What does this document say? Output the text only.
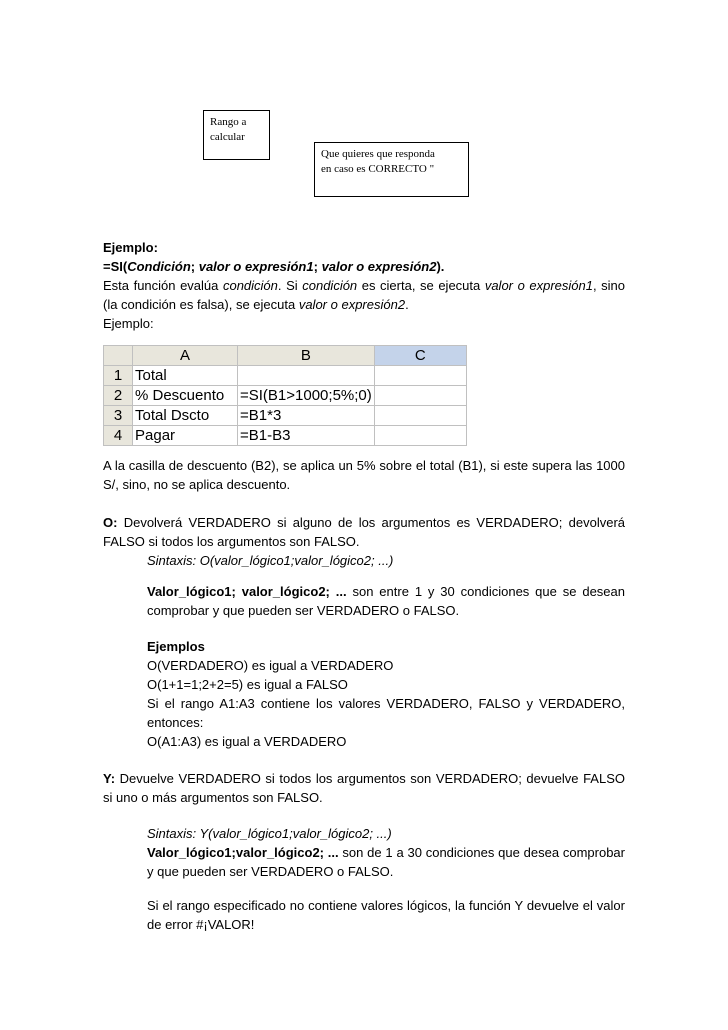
Rango a
calcular
Que quieres que responda
en caso es CORRECTO "
Ejemplo:
=SI(Condición; valor o expresión1; valor o expresión2).
Esta función evalúa condición. Si condición es cierta, se ejecuta valor o expresión1, sino (la condición es falsa), se ejecuta valor o expresión2.
Ejemplo:
	A	B	C
1	Total		
2	% Descuento	=SI(B1>1000;5%;0)	
3	Total Dscto	=B1*3	
4	Pagar	=B1-B3	
A la casilla de descuento (B2), se aplica un 5% sobre el total (B1), si este supera las 1000 S/, sino, no se aplica descuento.
O: Devolverá VERDADERO si alguno de los argumentos es VERDADERO; devolverá FALSO si todos los argumentos son FALSO.
Sintaxis: O(valor_lógico1;valor_lógico2; ...)
Valor_lógico1; valor_lógico2; ... son entre 1 y 30 condiciones que se desean comprobar y que pueden ser VERDADERO o FALSO.
Ejemplos
O(VERDADERO) es igual a VERDADERO
O(1+1=1;2+2=5) es igual a FALSO
Si el rango A1:A3 contiene los valores VERDADERO, FALSO y VERDADERO, entonces:
O(A1:A3) es igual a VERDADERO
Y: Devuelve VERDADERO si todos los argumentos son VERDADERO; devuelve FALSO si uno o más argumentos son FALSO.
Sintaxis: Y(valor_lógico1;valor_lógico2; ...)
Valor_lógico1;valor_lógico2; ... son de 1 a 30 condiciones que desea comprobar y que pueden ser VERDADERO o FALSO.
Si el rango especificado no contiene valores lógicos, la función Y devuelve el valor de error #¡VALOR!
